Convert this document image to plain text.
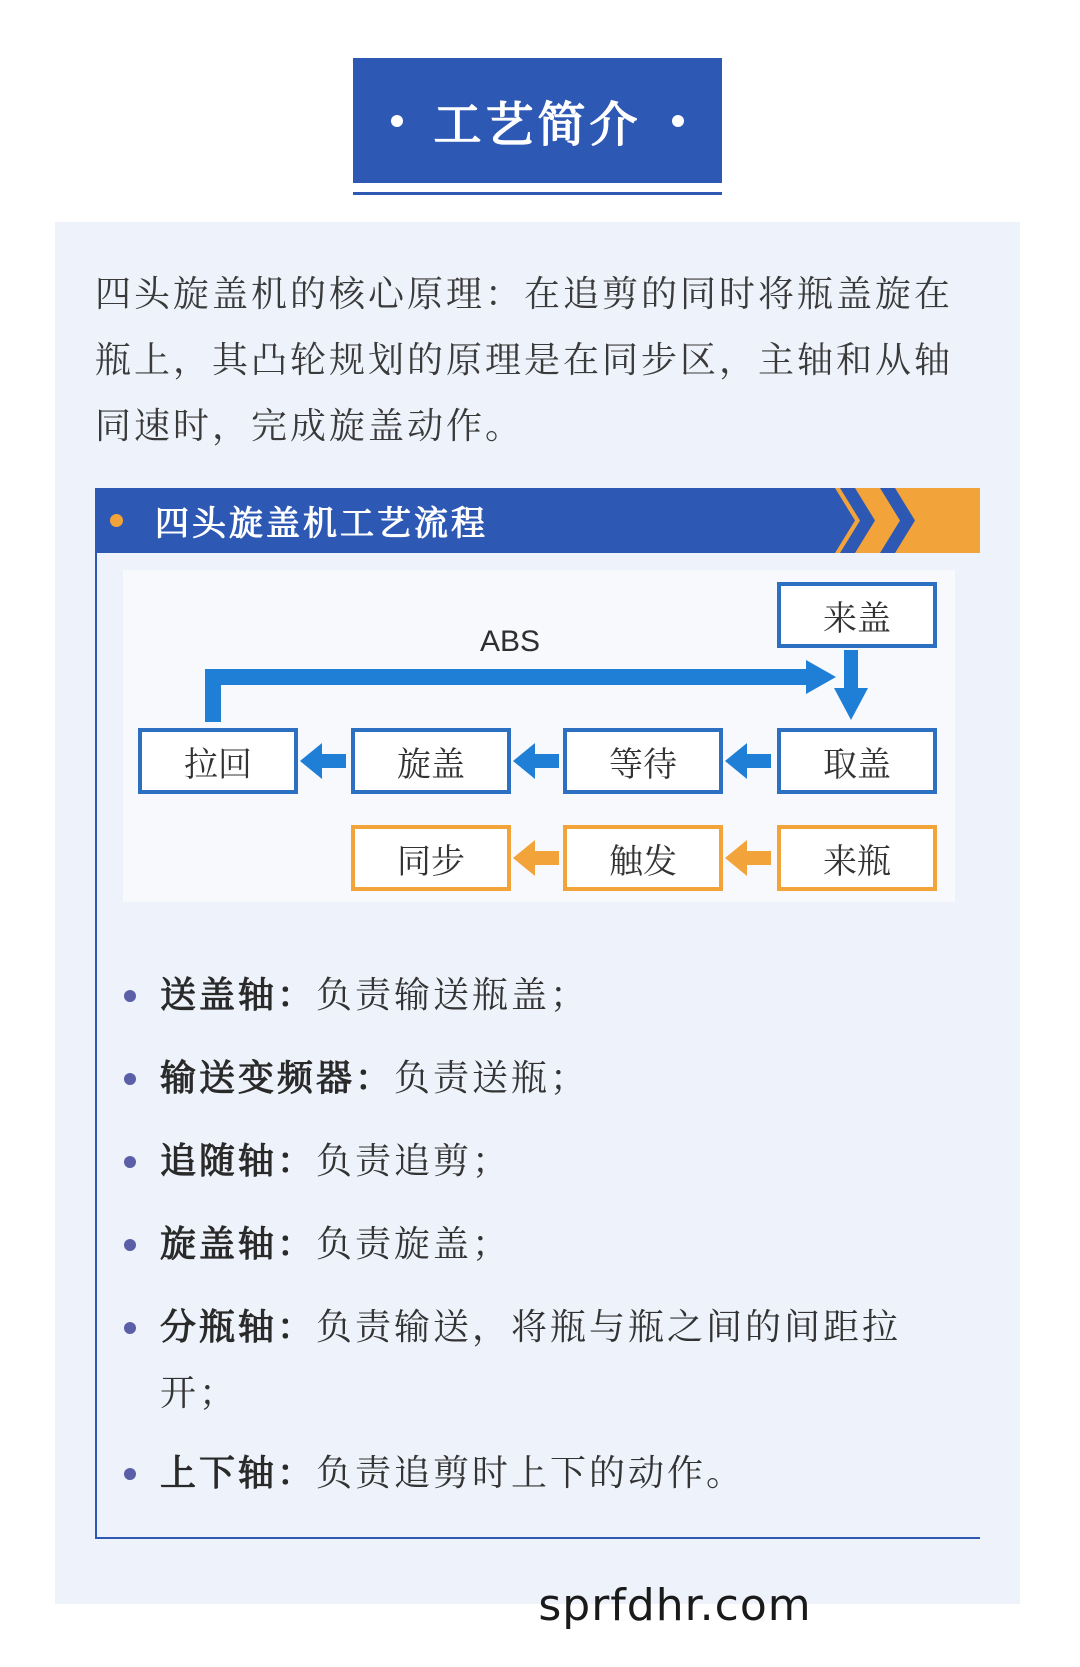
工艺简介
四头旋盖机的核心原理：在追剪的同时将瓶盖旋在瓶上，其凸轮规划的原理是在同步区，主轴和从轴同速时，完成旋盖动作。
四头旋盖机工艺流程
ABS
来盖
取盖
等待
旋盖
拉回
来瓶
触发
同步
送盖轴：负责输送瓶盖；
输送变频器：负责送瓶；
追随轴：负责追剪；
旋盖轴：负责旋盖；
分瓶轴：负责输送，将瓶与瓶之间的间距拉开；
上下轴：负责追剪时上下的动作。
sprfdhr.com
